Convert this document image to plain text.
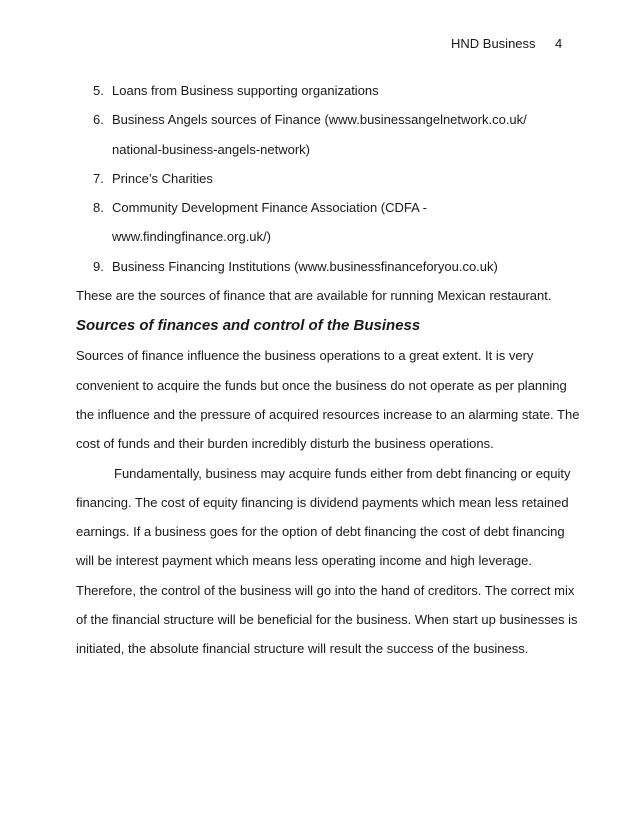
HND Business 4
5. Loans from Business supporting organizations
6. Business Angels sources of Finance (www.businessangelnetwork.co.uk/
national-business-angels-network)
7. Prince’s Charities
8. Community Development Finance Association (CDFA -
www.findingfinance.org.uk/)
9. Business Financing Institutions (www.businessfinanceforyou.co.uk)
These are the sources of finance that are available for running Mexican restaurant.
Sources of finances and control of the Business
Sources of finance influence the business operations to a great extent. It is very
convenient to acquire the funds but once the business do not operate as per planning
the influence and the pressure of acquired resources increase to an alarming state. The
cost of funds and their burden incredibly disturb the business operations.
Fundamentally, business may acquire funds either from debt financing or equity
financing. The cost of equity financing is dividend payments which mean less retained
earnings. If a business goes for the option of debt financing the cost of debt financing
will be interest payment which means less operating income and high leverage.
Therefore, the control of the business will go into the hand of creditors. The correct mix
of the financial structure will be beneficial for the business. When start up businesses is
initiated, the absolute financial structure will result the success of the business.
